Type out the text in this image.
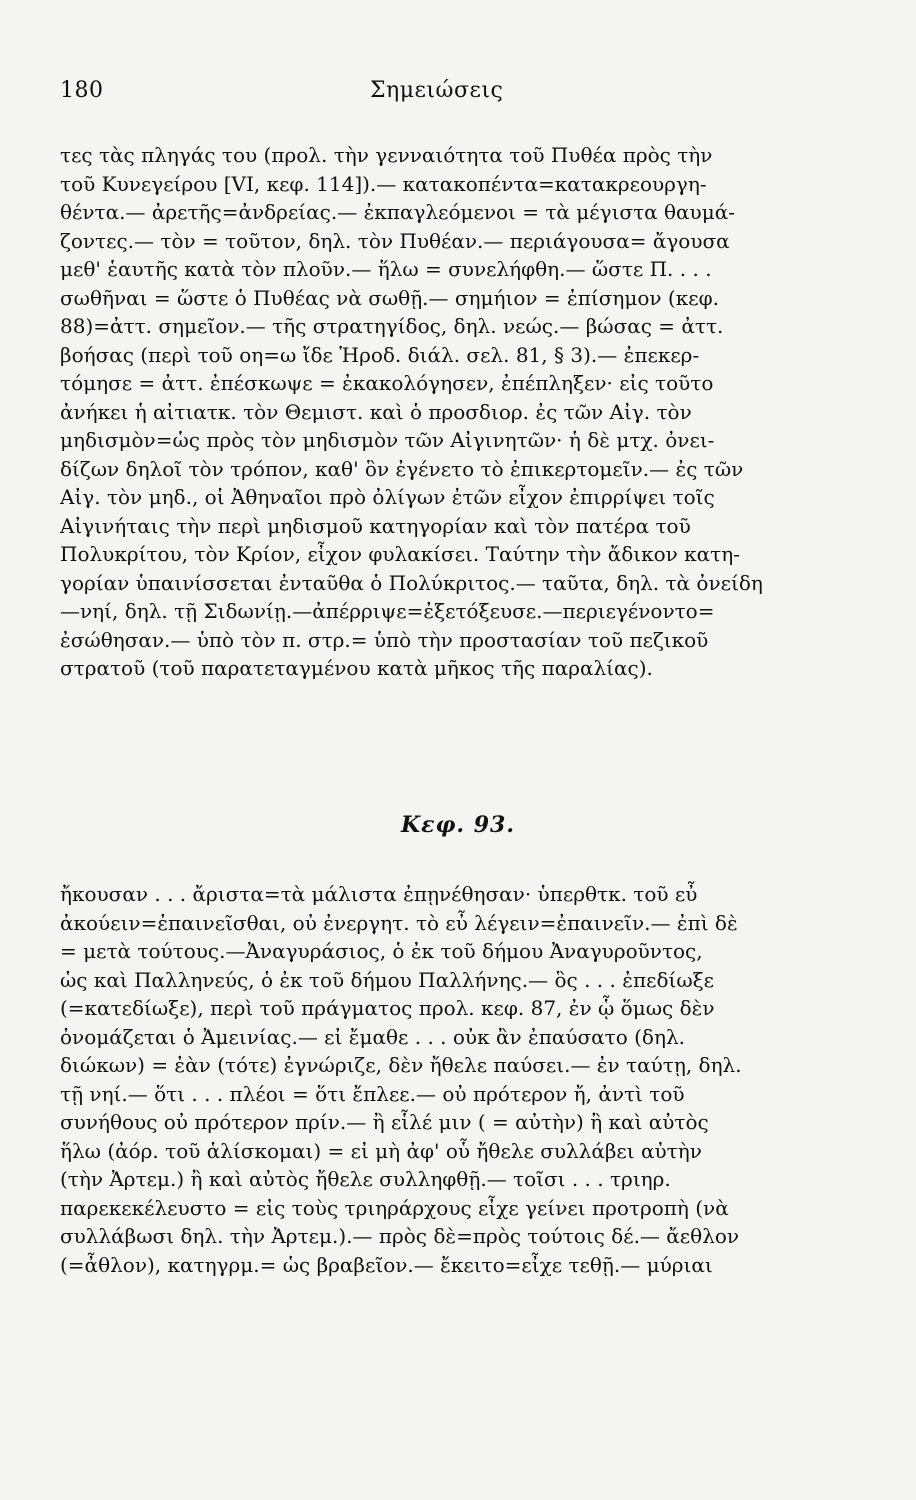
180	Σημειώσεις
τες τὰς πληγάς του (προλ. τὴν γενναιότητα τοῦ Πυθέα πρὸς τὴν
τοῦ Κυνεγείρου [VI, κεφ. 114]).— κατακοπέντα=κατακρεουργη-
θέντα.— ἀρετῆς=ἀνδρείας.— ἐκπαγλεόμενοι = τὰ μέγιστα θαυμά-
ζοντες.— τὸν = τοῦτον, δηλ. τὸν Πυθέαν.— περιάγουσα= ἄγουσα
μεθ' ἑαυτῆς κατὰ τὸν πλοῦν.— ἥλω = συνελήφθη.— ὥστε Π. . . .
σωθῆναι = ὥστε ὁ Πυθέας νὰ σωθῇ.— σημήιον = ἐπίσημον (κεφ.
88)=ἀττ. σημεῖον.— τῆς στρατηγίδος, δηλ. νεώς.— βώσας = ἀττ.
βοήσας (περὶ τοῦ οη=ω ἴδε Ἡροδ. διάλ. σελ. 81, § 3).— ἐπεκερ-
τόμησε = ἀττ. ἐπέσκωψε = ἐκακολόγησεν, ἐπέπληξεν· εἰς τοῦτο
ἀνήκει ἡ αἰτιατκ. τὸν Θεμιστ. καὶ ὁ προσδιορ. ἐς τῶν Αἰγ. τὸν
μηδισμὸν=ὡς πρὸς τὸν μηδισμὸν τῶν Αἰγινητῶν· ἡ δὲ μτχ. ὀνει-
δίζων δηλοῖ τὸν τρόπον, καθ' ὃν ἐγένετο τὸ ἐπικερτομεῖν.— ἐς τῶν
Αἰγ. τὸν μηδ., οἱ Ἀθηναῖοι πρὸ ὀλίγων ἐτῶν εἶχον ἐπιρρίψει τοῖς
Αἰγινήταις τὴν περὶ μηδισμοῦ κατηγορίαν καὶ τὸν πατέρα τοῦ
Πολυκρίτου, τὸν Κρίον, εἶχον φυλακίσει. Ταύτην τὴν ἄδικον κατη-
γορίαν ὑπαινίσσεται ἐνταῦθα ὁ Πολύκριτος.— ταῦτα, δηλ. τὰ ὀνείδη
—νηί, δηλ. τῇ Σιδωνίῃ.—ἀπέρριψε=ἐξετόξευσε.—περιεγένοντο=
ἐσώθησαν.— ὑπὸ τὸν π. στρ.= ὑπὸ τὴν προστασίαν τοῦ πεζικοῦ
στρατοῦ (τοῦ παρατεταγμένου κατὰ μῆκος τῆς παραλίας).
Κεφ. 93.
ἤκουσαν . . . ἄριστα=τὰ μάλιστα ἐπῃνέθησαν· ὑπερθτκ. τοῦ εὖ
ἀκούειν=ἐπαινεῖσθαι, οὐ ἐνεργητ. τὸ εὖ λέγειν=ἐπαινεῖν.— ἐπὶ δὲ
= μετὰ τούτους.—Ἀναγυράσιος, ὁ ἐκ τοῦ δήμου Ἀναγυροῦντος,
ὡς καὶ Παλληνεύς, ὁ ἐκ τοῦ δήμου Παλλήνης.— ὃς . . . ἐπεδίωξε
(=κατεδίωξε), περὶ τοῦ πράγματος προλ. κεφ. 87, ἐν ᾧ ὅμως δὲν
ὀνομάζεται ὁ Ἀμεινίας.— εἰ ἔμαθε . . . οὐκ ἂν ἐπαύσατο (δηλ.
διώκων) = ἐὰν (τότε) ἐγνώριζε, δὲν ἤθελε παύσει.— ἐν ταύτῃ, δηλ.
τῇ νηί.— ὅτι . . . πλέοι = ὅτι ἔπλεε.— οὐ πρότερον ἤ, ἀντὶ τοῦ
συνήθους οὐ πρότερον πρίν.— ἢ εἷλέ μιν ( = αὐτὴν) ἢ καὶ αὐτὸς
ἥλω (ἀόρ. τοῦ ἁλίσκομαι) = εἰ μὴ ἀφ' οὗ ἤθελε συλλάβει αὐτὴν
(τὴν Ἀρτεμ.) ἢ καὶ αὐτὸς ἤθελε συλληφθῇ.— τοῖσι . . . τριηρ.
παρεκεκέλευστο = εἰς τοὺς τριηράρχους εἶχε γείνει προτροπὴ (νὰ
συλλάβωσι δηλ. τὴν Ἀρτεμ.).— πρὸς δὲ=πρὸς τούτοις δέ.— ἄεθλον
(=ἆθλον), κατηγρμ.= ὡς βραβεῖον.— ἔκειτο=εἶχε τεθῇ.— μύριαι
